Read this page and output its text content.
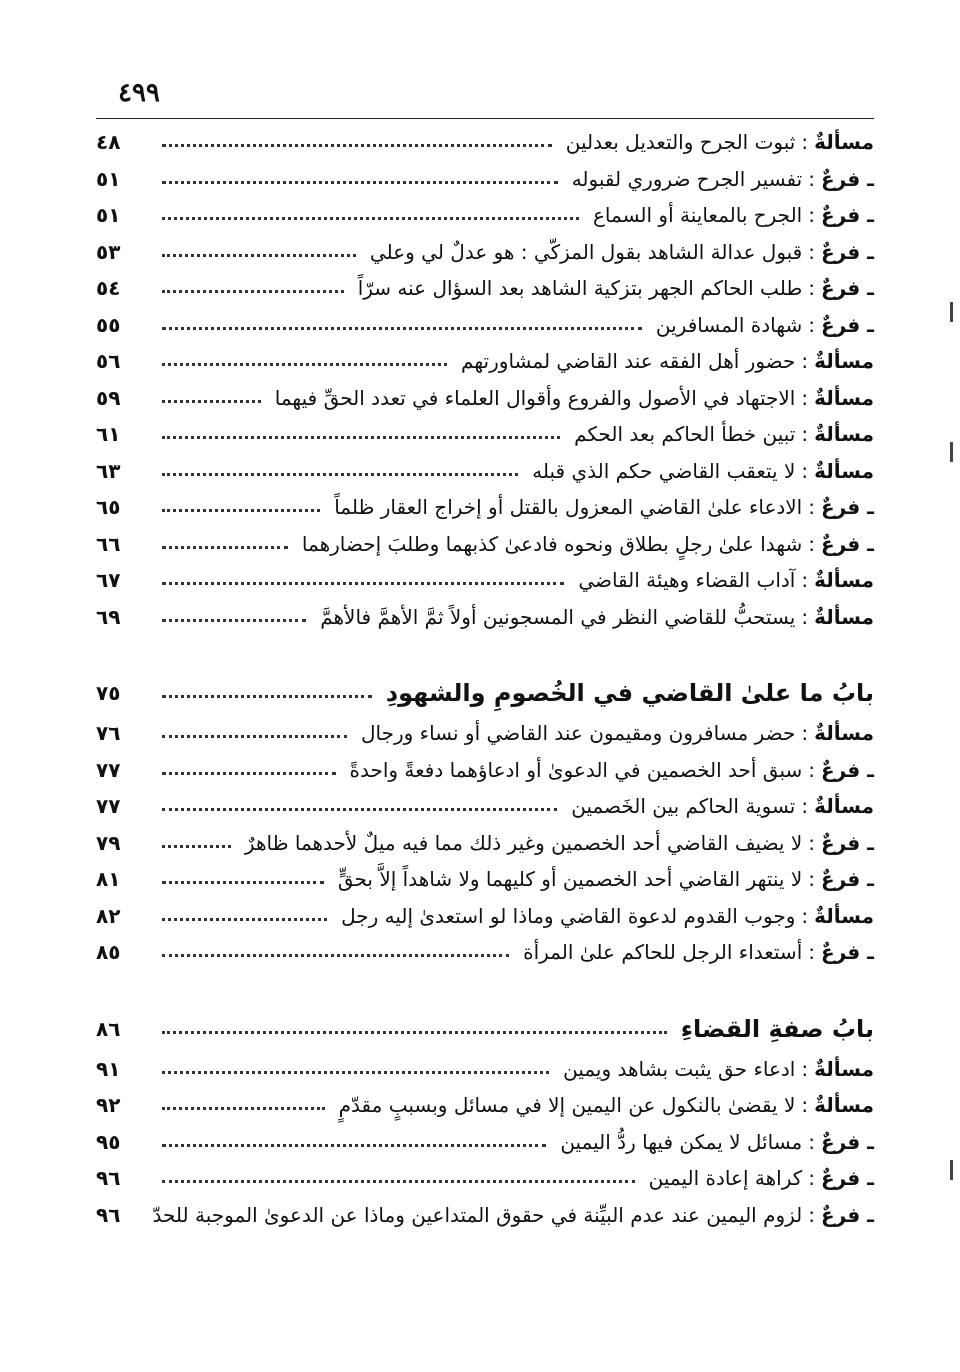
٤٩٩
مسألةٌ:ثبوت الجرح والتعديل بعدلين
٤٨
ـ فرعٌ:تفسير الجرح ضروري لقبوله
٥١
ـ فرعٌ:الجرح بالمعاينة أو السماع
٥١
ـ فرعٌ:قبول عدالة الشاهد بقول المزكّي : هو عدلٌ لي وعلي
٥٣
ـ فرعٌ:طلب الحاكم الجهر بتزكية الشاهد بعد السؤال عنه سرّاً
٥٤
ـ فرعٌ:شهادة المسافرين
٥٥
مسألةٌ:حضور أهل الفقه عند القاضي لمشاورتهم
٥٦
مسألةٌ:الاجتهاد في الأصول والفروع وأقوال العلماء في تعدد الحقِّ فيهما
٥٩
مسألةٌ:تبين خطأ الحاكم بعد الحكم
٦١
مسألةٌ:لا يتعقب القاضي حكم الذي قبله
٦٣
ـ فرعٌ:الادعاء علىٰ القاضي المعزول بالقتل أو إخراج العقار ظلماً
٦٥
ـ فرعٌ:شهدا علىٰ رجلٍ بطلاق ونحوه فادعىٰ كذبهما وطلبَ إحضارهما
٦٦
مسألةٌ:آداب القضاء وهيئة القاضي
٦٧
مسألةٌ:يستحبُّ للقاضي النظر في المسجونين أولاً ثمَّ الأهمَّ فالأهمَّ
٦٩
بابُ ما علىٰ القاضي في الخُصومِ والشهودِ
٧٥
مسألةٌ:حضر مسافرون ومقيمون عند القاضي أو نساء ورجال
٧٦
ـ فرعٌ:سبق أحد الخصمين في الدعوىٰ أو ادعاؤهما دفعةً واحدةً
٧٧
مسألةٌ:تسوية الحاكم بين الخَصمين
٧٧
ـ فرعٌ:لا يضيف القاضي أحد الخصمين وغير ذلك مما فيه ميلٌ لأحدهما ظاهرٌ
٧٩
ـ فرعٌ:لا ينتهر القاضي أحد الخصمين أو كليهما ولا شاهداً إلاَّ بحقٍّ
٨١
مسألةٌ:وجوب القدوم لدعوة القاضي وماذا لو استعدىٰ إليه رجل
٨٢
ـ فرعٌ:أستعداء الرجل للحاكم علىٰ المرأة
٨٥
بابُ صفةِ القضاءِ
٨٦
مسألةٌ:ادعاء حق يثبت بشاهد ويمين
٩١
مسألةٌ:لا يقضىٰ بالنكول عن اليمين إلا في مسائل وبسببٍ مقدّمٍ
٩٢
ـ فرعٌ:مسائل لا يمكن فيها ردُّ اليمين
٩٥
ـ فرعٌ:كراهة إعادة اليمين
٩٦
ـ فرعٌ:لزوم اليمين عند عدم البيِّنة في حقوق المتداعين وماذا عن الدعوىٰ الموجبة للحدّ
٩٦
